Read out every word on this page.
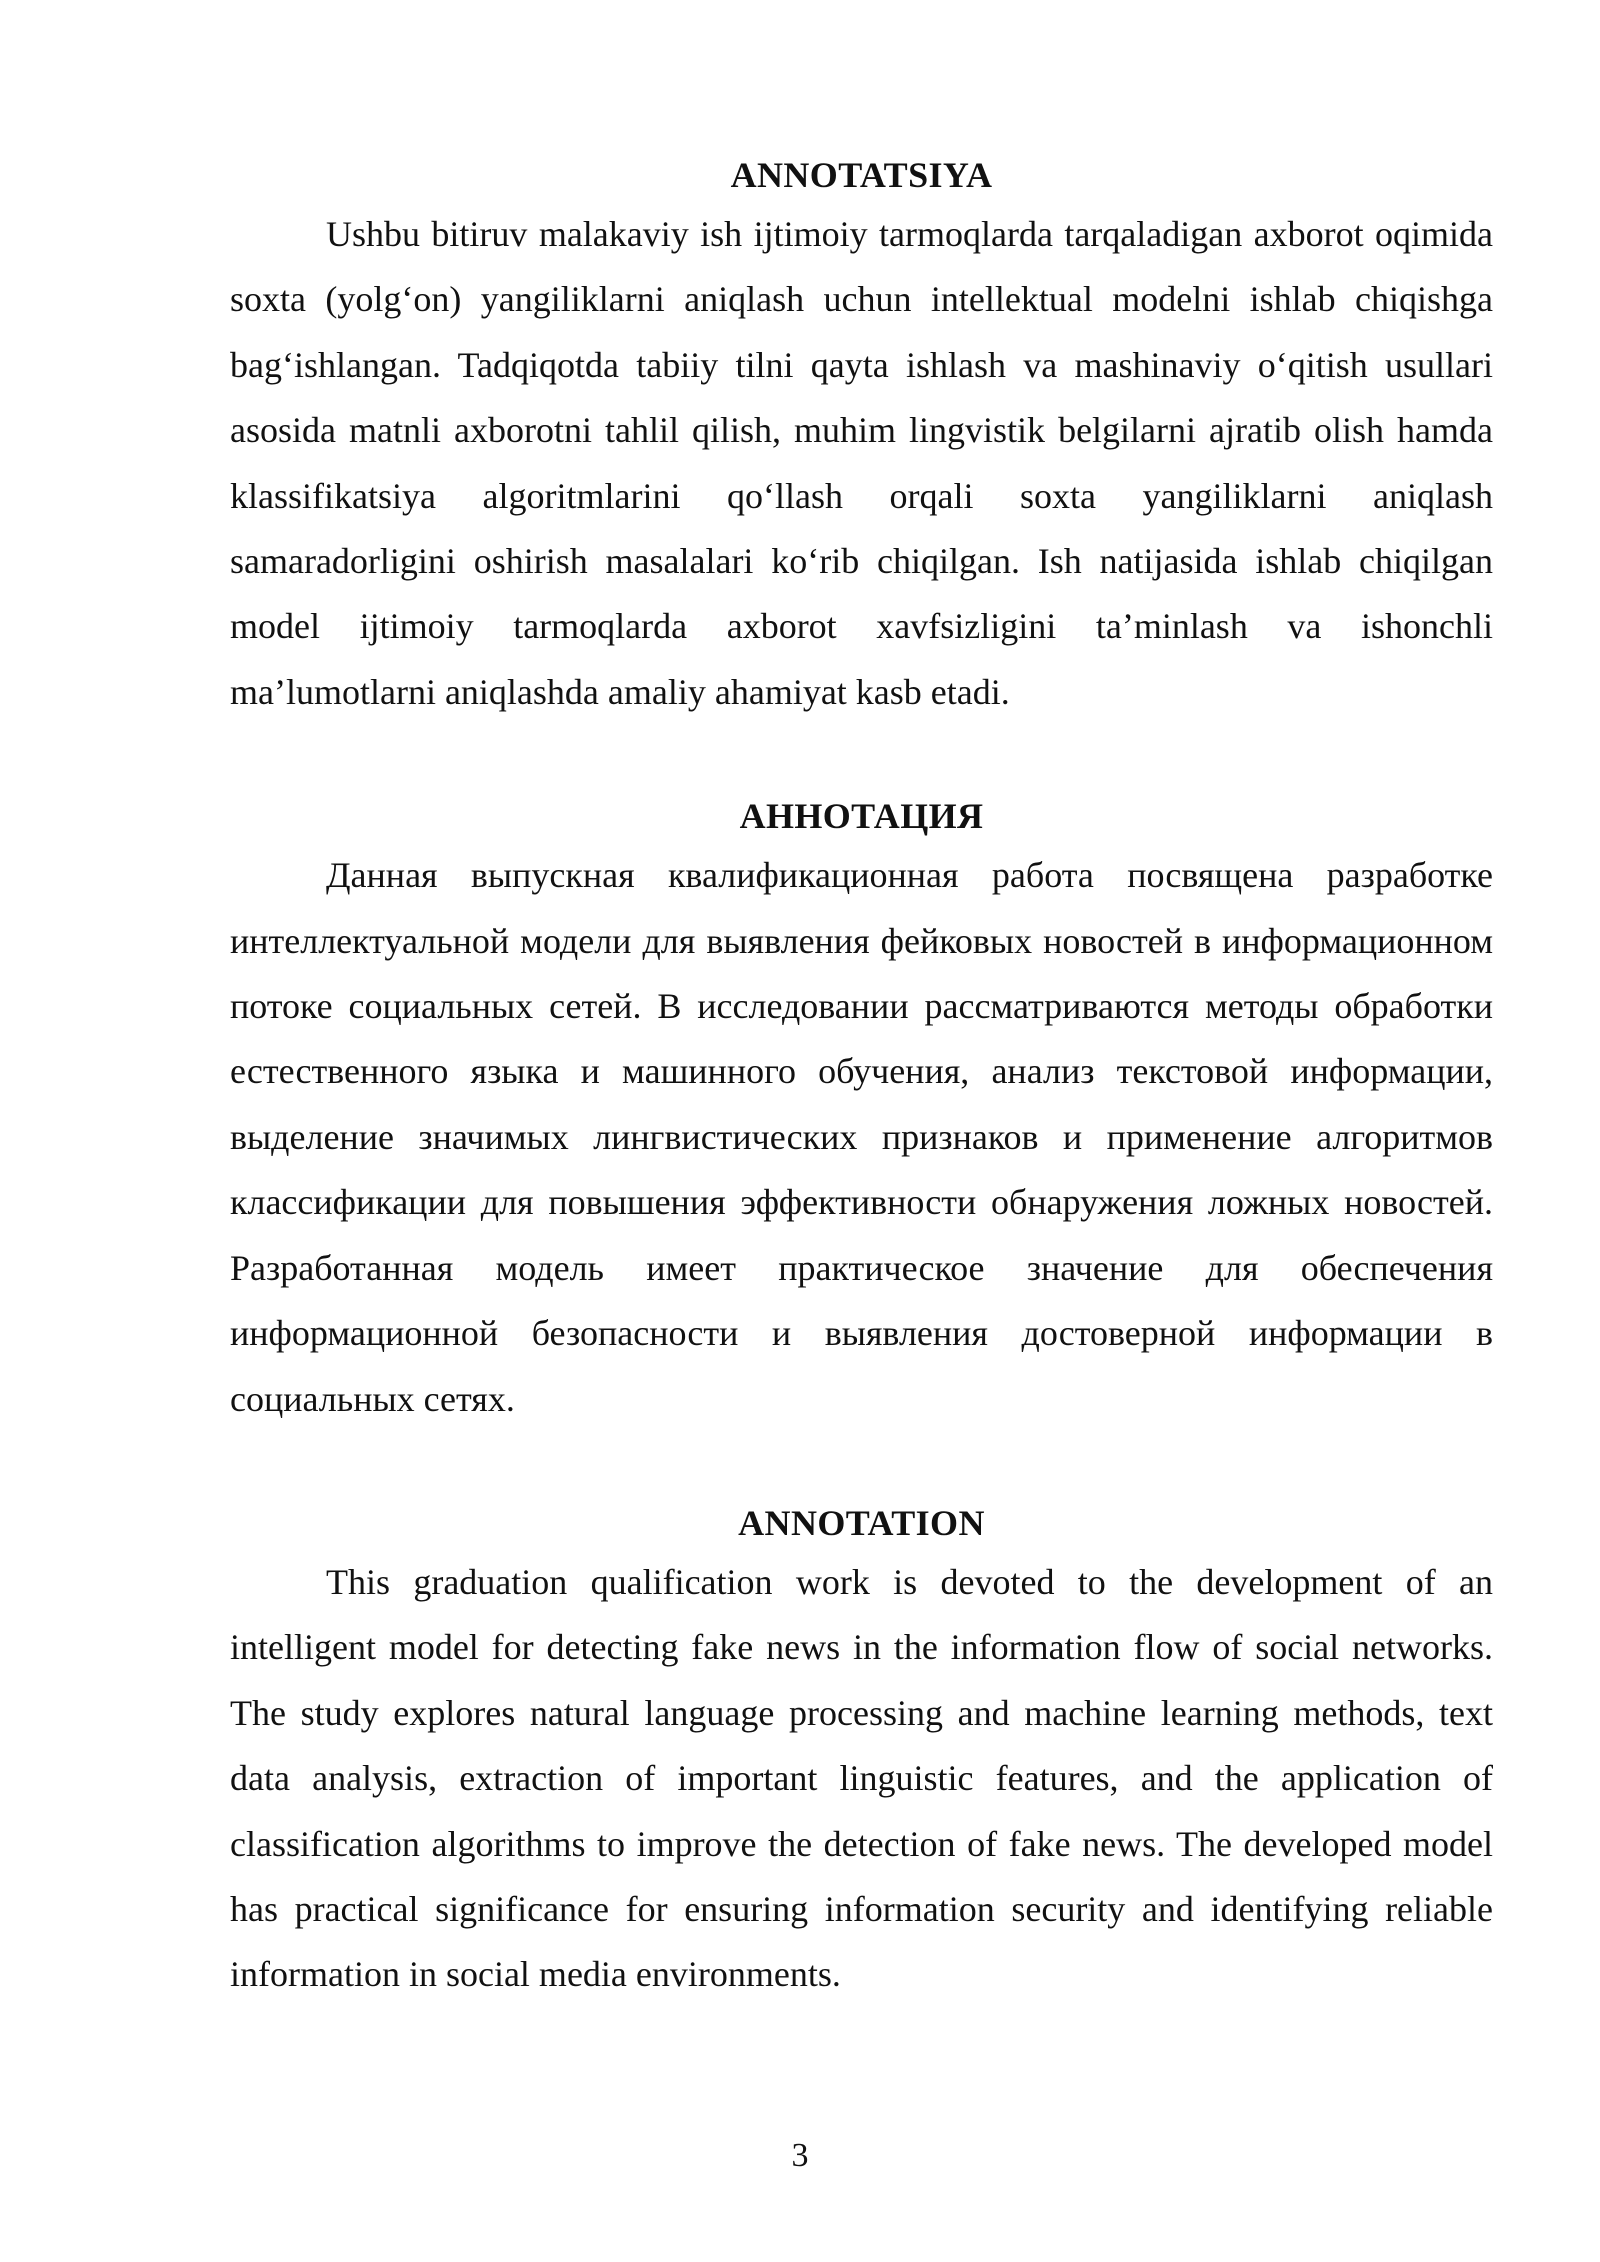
ANNOTATSIYA

Ushbu bitiruv malakaviy ish ijtimoiy tarmoqlarda tarqaladigan axborot oqimida soxta (yolg‘on) yangiliklarni aniqlash uchun intellektual modelni ishlab chiqishga bag‘ishlangan. Tadqiqotda tabiiy tilni qayta ishlash va mashinaviy o‘qitish usullari asosida matnli axborotni tahlil qilish, muhim lingvistik belgilarni ajratib olish hamda klassifikatsiya algoritmlarini qo‘llash orqali soxta yangiliklarni aniqlash samaradorligini oshirish masalalari ko‘rib chiqilgan. Ish natijasida ishlab chiqilgan model ijtimoiy tarmoqlarda axborot xavfsizligini ta’minlash va ishonchli ma’lumotlarni aniqlashda amaliy ahamiyat kasb etadi.

АННОТАЦИЯ

Данная выпускная квалификационная работа посвящена разработке интеллектуальной модели для выявления фейковых новостей в информационном потоке социальных сетей. В исследовании рассматриваются методы обработки естественного языка и машинного обучения, анализ текстовой информации, выделение значимых лингвистических признаков и применение алгоритмов классификации для повышения эффективности обнаружения ложных новостей. Разработанная модель имеет практическое значение для обеспечения информационной безопасности и выявления достоверной информации в социальных сетях.

ANNOTATION

This graduation qualification work is devoted to the development of an intelligent model for detecting fake news in the information flow of social networks. The study explores natural language processing and machine learning methods, text data analysis, extraction of important linguistic features, and the application of classification algorithms to improve the detection of fake news. The developed model has practical significance for ensuring information security and identifying reliable information in social media environments.

3
